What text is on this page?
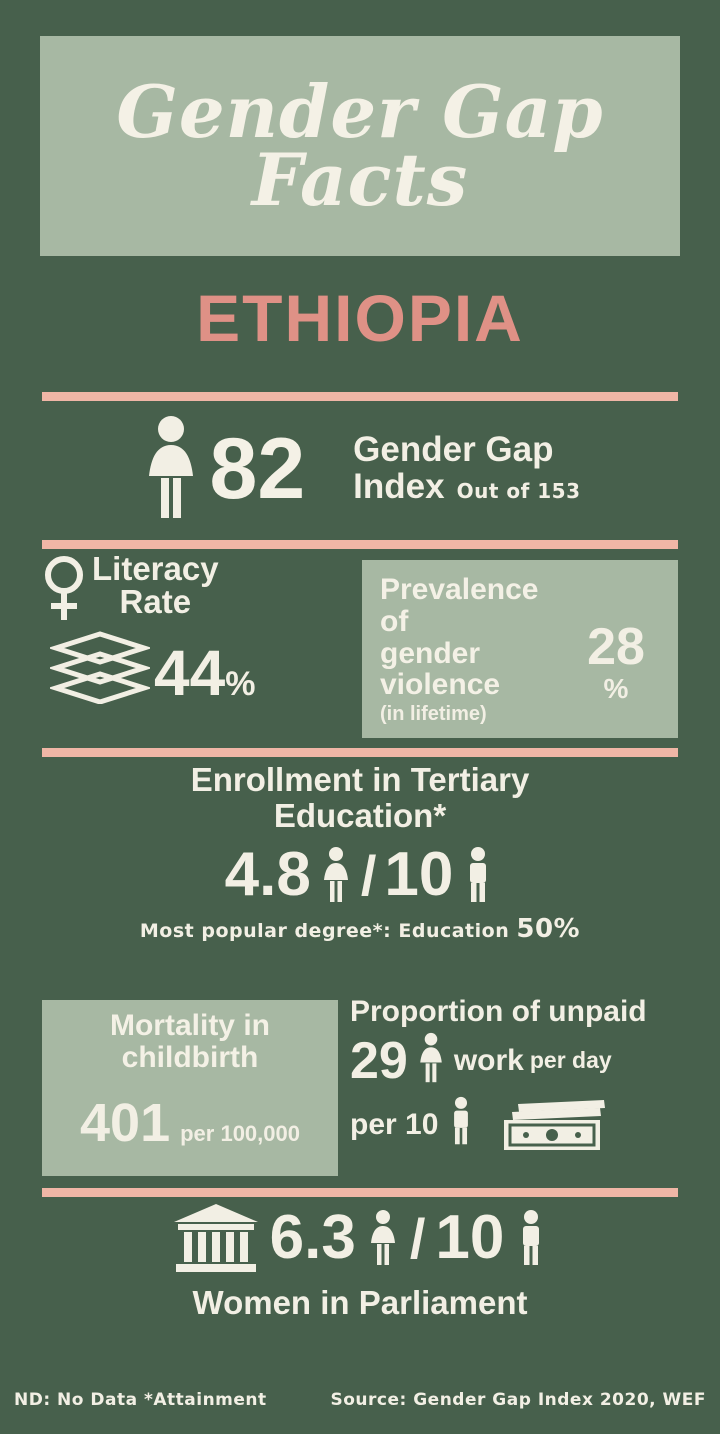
Gender Gap
Facts
ETHIOPIA
82 Gender Gap
Index Out of 153
Literacy
Rate
44 %
Prevalence of
gender
violence
(in lifetime)
28
%
Enrollment in Tertiary
Education*
4.8 / 10
Most popular degree*: Education 50%
Mortality in
childbirth
401 per 100,000
Proportion of unpaid
29 work per day
per 10
6.3 / 10
Women in Parliament
ND: No Data *Attainment	Source: Gender Gap Index 2020, WEF
